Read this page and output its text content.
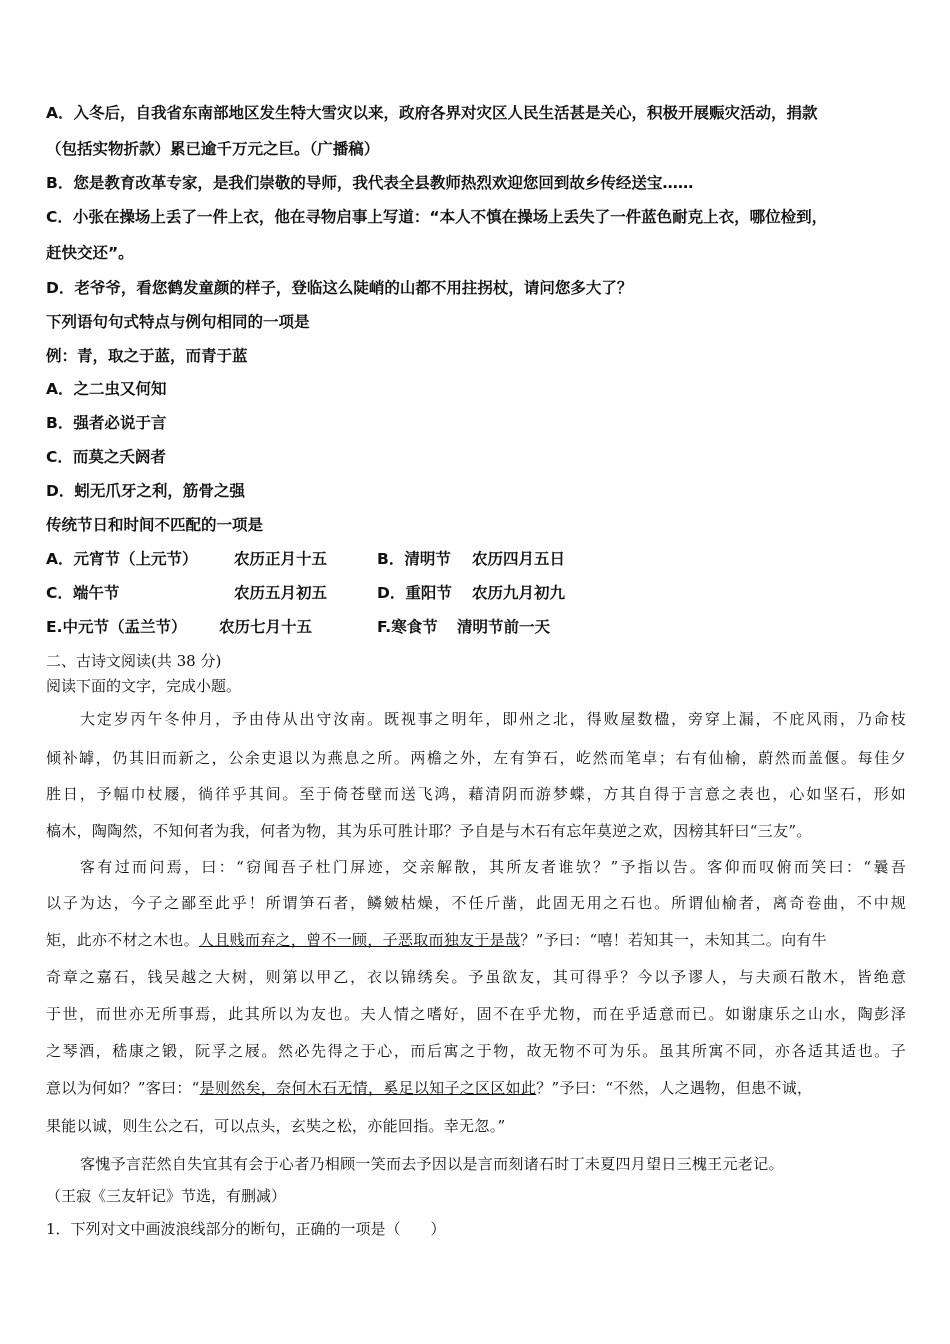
A．入冬后，自我省东南部地区发生特大雪灾以来，政府各界对灾区人民生活甚是关心，积极开展赈灾活动，捐款
（包括实物折款）累已逾千万元之巨。（广播稿）
B．您是教育改革专家，是我们崇敬的导师，我代表全县教师热烈欢迎您回到故乡传经送宝……
C．小张在操场上丢了一件上衣，他在寻物启事上写道：“本人不慎在操场上丢失了一件蓝色耐克上衣，哪位检到，
赶快交还”。
D．老爷爷，看您鹤发童颜的样子，登临这么陡峭的山都不用拄拐杖，请问您多大了？
下列语句句式特点与例句相同的一项是
例：青，取之于蓝，而青于蓝
A．之二虫又何知
B．强者必说于言
C．而莫之夭阏者
D．蚓无爪牙之利，筋骨之强
传统节日和时间不匹配的一项是
A．元宵节（上元节） 农历正月十五	B．清明节 农历四月五日
C．端午节	农历五月初五	D．重阳节 农历九月初九
E.中元节（盂兰节） 农历七月十五	F.寒食节 清明节前一天
二、古诗文阅读(共 38 分)
阅读下面的文字，完成小题。
大定岁丙午冬仲月，予由侍从出守汝南。既视事之明年，即州之北，得败屋数楹，旁穿上漏，不庇风雨，乃命枝
倾补罅，仍其旧而新之，公余吏退以为燕息之所。两檐之外，左有笋石，屹然而笔卓；右有仙榆，蔚然而盖偃。每佳夕
胜日，予幅巾杖屦，徜徉乎其间。至于倚苍壁而送飞鸿，藉清阴而游梦蝶，方其自得于言意之表也，心如坚石，形如
槁木，陶陶然，不知何者为我，何者为物，其为乐可胜计耶？予自是与木石有忘年莫逆之欢，因榜其轩曰“三友”。
客有过而问焉，曰：“窃闻吾子杜门屏迹，交亲解散，其所友者谁欤？”予指以告。客仰而叹俯而笑曰：“曩吾
以子为达，今子之鄙至此乎！所谓笋石者，鳞皴枯燥，不任斤凿，此固无用之石也。所谓仙榆者，离奇卷曲，不中规
矩，此亦不材之木也。人且贱而弃之，曾不一顾，子恶取而独友于是哉？”予曰：“嘻！若知其一，未知其二。向有牛
奇章之嘉石，钱吴越之大树，则第以甲乙，衣以锦绣矣。予虽欲友，其可得乎？今以予谬人，与夫顽石散木，皆绝意
于世，而世亦无所事焉，此其所以为友也。夫人情之嗜好，固不在乎尤物，而在乎适意而已。如谢康乐之山水，陶彭泽
之琴酒，嵇康之锻，阮孚之屐。然必先得之于心，而后寓之于物，故无物不可为乐。虽其所寓不同，亦各适其适也。子
意以为何如？”客曰：“是则然矣，奈何木石无情，奚足以知子之区区如此？”予曰：“不然，人之遇物，但患不诚，
果能以诚，则生公之石，可以点头，玄奘之松，亦能回指。幸无忽。”
客愧予言茫然自失宜其有会于心者乃相顾一笑而去予因以是言而刻诸石时丁未夏四月望日三槐王元老记。
（王寂《三友轩记》节选，有删减）
1．下列对文中画波浪线部分的断句，正确的一项是（　　）
